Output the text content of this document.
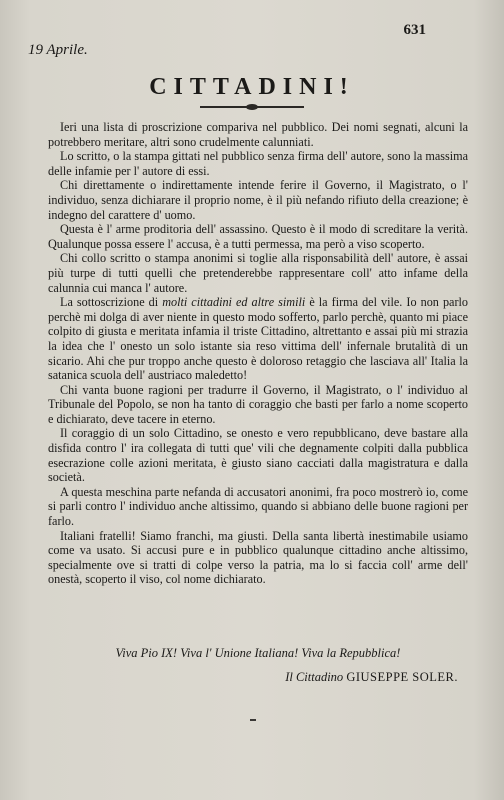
19 Aprile.
631
CITTADINI!

Ieri una lista di proscrizione compariva nel pubblico. Dei nomi segnati, alcuni la potrebbero meritare, altri sono crudelmente calunniati.

Lo scritto, o la stampa gittati nel pubblico senza firma dell' autore, sono la massima delle infamie per l' autore di essi.

Chi direttamente o indirettamente intende ferire il Governo, il Magistrato, o l' individuo, senza dichiarare il proprio nome, è il più nefando rifiuto della creazione; è indegno del carattere d' uomo.

Questa è l' arme proditoria dell' assassino. Questo è il modo di screditare la verità. Qualunque possa essere l' accusa, è a tutti permessa, ma però a viso scoperto.

Chi collo scritto o stampa anonimi si toglie alla risponsabilità dell' autore, è assai più turpe di tutti quelli che pretenderebbe rappresentare coll' atto infame della calunnia cui manca l' autore.

La sottoscrizione di molti cittadini ed altre simili è la firma del vile. Io non parlo perchè mi dolga di aver niente in questo modo sofferto, parlo perchè, quanto mi piace colpito di giusta e meritata infamia il triste Cittadino, altrettanto e assai più mi strazia la idea che l' onesto un solo istante sia reso vittima dell' infernale brutalità di un sicario. Ahi che pur troppo anche questo è doloroso retaggio che lasciava all' Italia la satanica scuola dell' austriaco maledetto!

Chi vanta buone ragioni per tradurre il Governo, il Magistrato, o l' individuo al Tribunale del Popolo, se non ha tanto di coraggio che basti per farlo a nome scoperto e dichiarato, deve tacere in eterno.

Il coraggio di un solo Cittadino, se onesto e vero repubblicano, deve bastare alla disfida contro l' ira collegata di tutti que' vili che degnamente colpiti dalla pubblica esecrazione colle azioni meritata, è giusto siano cacciati dalla magistratura e dalla società.

A questa meschina parte nefanda di accusatori anonimi, fra poco mostrerò io, come si parli contro l' individuo anche altissimo, quando si abbiano delle buone ragioni per farlo.

Italiani fratelli! Siamo franchi, ma giusti. Della santa libertà inestimabile usiamo come va usato. Si accusi pure e in pubblico qualunque cittadino anche altissimo, specialmente ove si tratti di colpe verso la patria, ma lo si faccia coll' arme dell' onestà, scoperto il viso, col nome dichiarato.

Viva Pio IX! Viva l' Unione Italiana! Viva la Repubblica!
Il Cittadino GIUSEPPE SOLER.
